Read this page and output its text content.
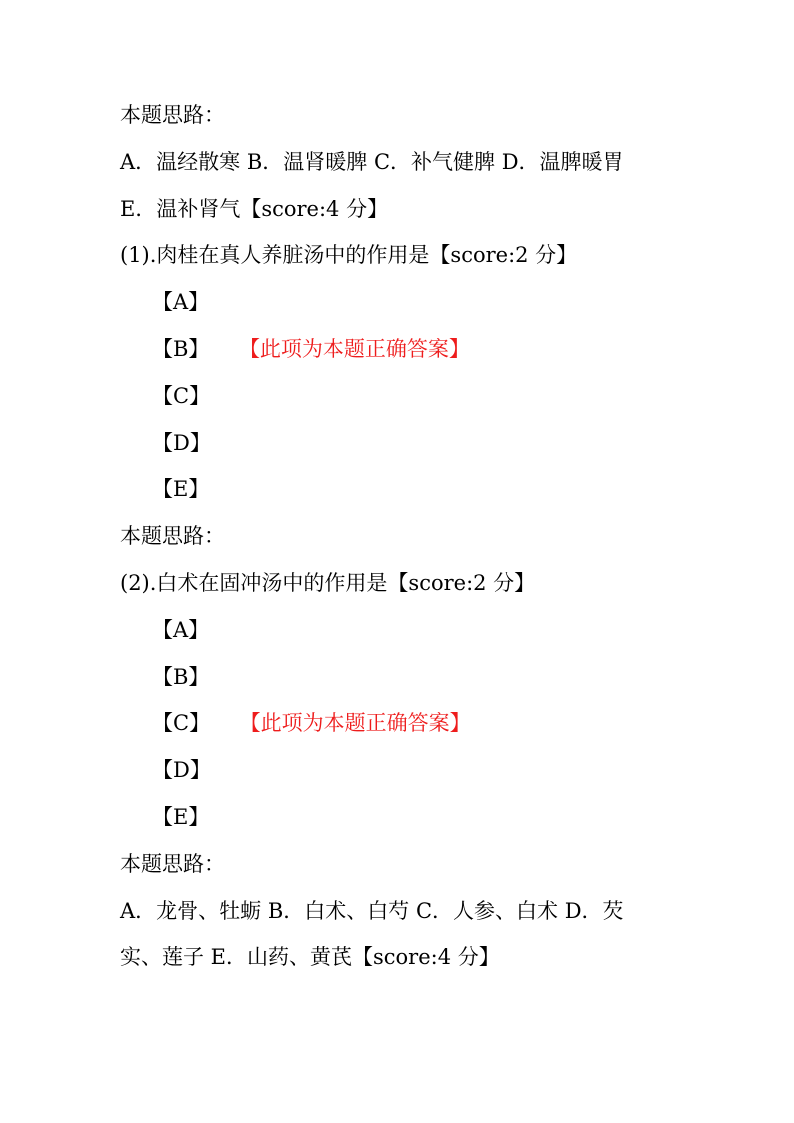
本题思路：
A．温经散寒 B．温肾暖脾 C．补气健脾 D．温脾暖胃
E．温补肾气【score:4 分】
(1).肉桂在真人养脏汤中的作用是【score:2 分】
【A】
【B】 【此项为本题正确答案】
【C】
【D】
【E】
本题思路：
(2).白术在固冲汤中的作用是【score:2 分】
【A】
【B】
【C】 【此项为本题正确答案】
【D】
【E】
本题思路：
A．龙骨、牡蛎 B．白术、白芍 C．人参、白术 D．芡
实、莲子 E．山药、黄芪【score:4 分】
